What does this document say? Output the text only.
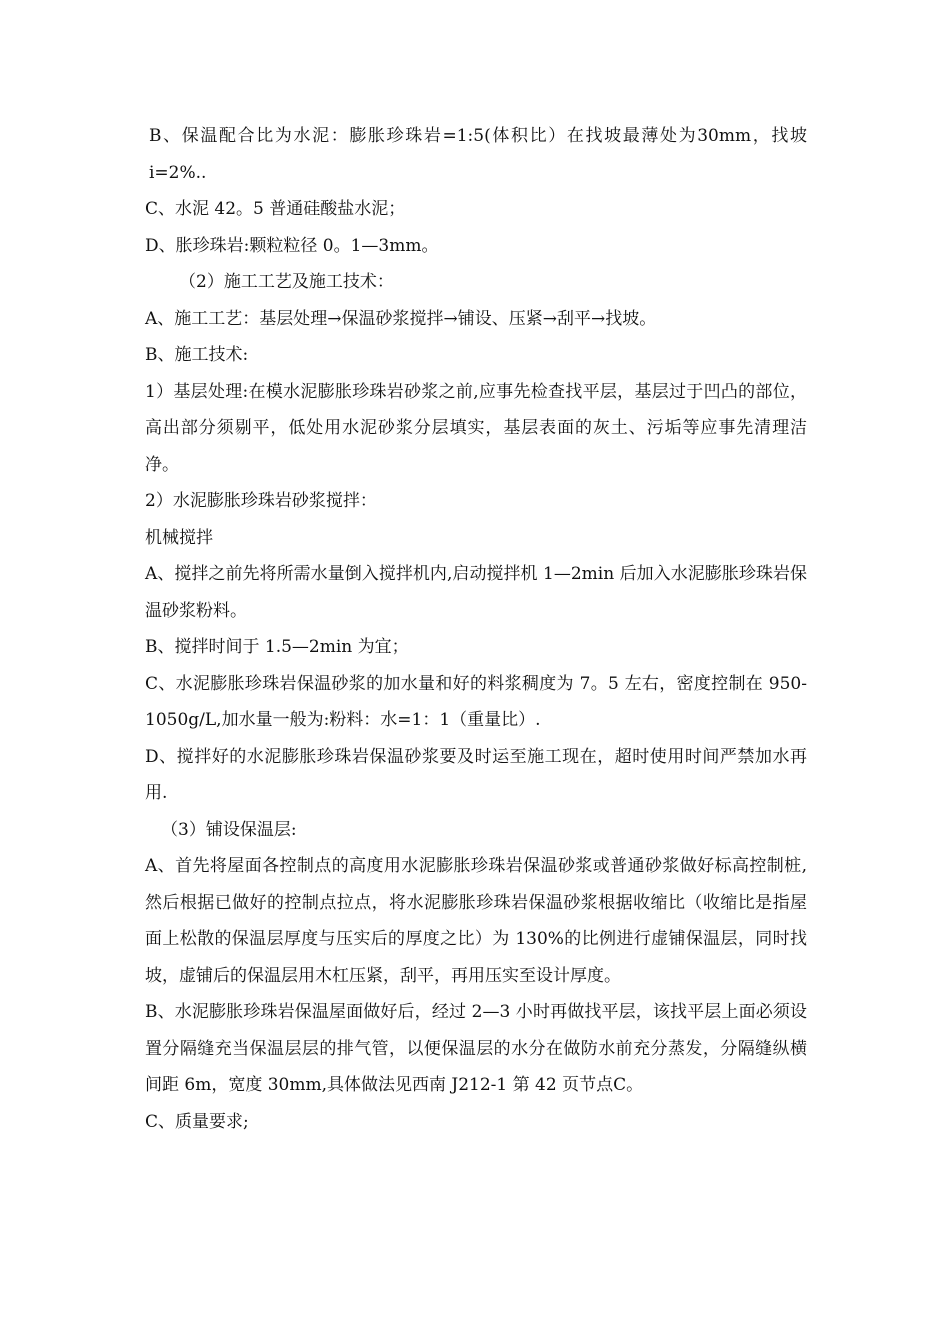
B、保温配合比为水泥：膨胀珍珠岩=1:5(体积比）在找坡最薄处为30mm，找坡 i=2%..

C、水泥 42。5 普通硅酸盐水泥；

D、胀珍珠岩:颗粒粒径 0。1—3mm。

（2）施工工艺及施工技术：

A、施工工艺：基层处理→保温砂浆搅拌→铺设、压紧→刮平→找坡。

B、施工技术:

1）基层处理:在模水泥膨胀珍珠岩砂浆之前,应事先检查找平层，基层过于凹凸的部位，高出部分须剔平，低处用水泥砂浆分层填实，基层表面的灰土、污垢等应事先清理洁净。

2）水泥膨胀珍珠岩砂浆搅拌：

机械搅拌

A、搅拌之前先将所需水量倒入搅拌机内,启动搅拌机 1—2min 后加入水泥膨胀珍珠岩保温砂浆粉料。

B、搅拌时间于 1.5—2min 为宜；

C、水泥膨胀珍珠岩保温砂浆的加水量和好的料浆稠度为 7。5 左右，密度控制在 950-1050g/L,加水量一般为:粉料：水=1：1（重量比）.

D、搅拌好的水泥膨胀珍珠岩保温砂浆要及时运至施工现在，超时使用时间严禁加水再用.

（3）铺设保温层:

A、首先将屋面各控制点的高度用水泥膨胀珍珠岩保温砂浆或普通砂浆做好标高控制桩,然后根据已做好的控制点拉点，将水泥膨胀珍珠岩保温砂浆根据收缩比（收缩比是指屋面上松散的保温层厚度与压实后的厚度之比）为 130%的比例进行虚铺保温层，同时找坡，虚铺后的保温层用木杠压紧，刮平，再用压实至设计厚度。

B、水泥膨胀珍珠岩保温屋面做好后，经过 2—3 小时再做找平层，该找平层上面必须设置分隔缝充当保温层层的排气管，以便保温层的水分在做防水前充分蒸发，分隔缝纵横间距 6m，宽度 30mm,具体做法见西南 J212-1 第 42 页节点C。

C、质量要求;
